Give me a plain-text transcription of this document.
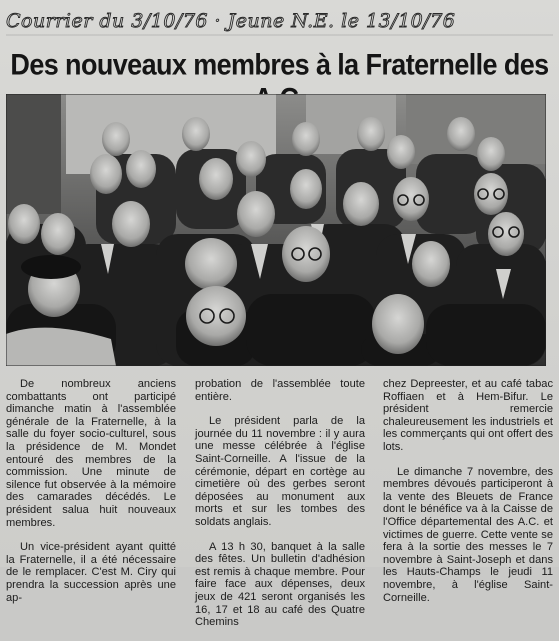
Courrier du 3/10/76 · Jeune N.E. le 13/10/76
Des nouveaux membres à la Fraternelle des

De nombreux anciens combattants ont participé dimanche matin à l'assemblée générale de la Fraternelle, à la salle du foyer socio-culturel, sous la présidence de M. Mondet entouré des membres de la commission. Une minute de silence fut observée à la mémoire des camarades décédés. Le président salua huit nouveaux membres.

Un vice-président ayant quitté la Fraternelle, il a été nécessaire de le remplacer. C'est M. Ciry qui prendra la succession après une ap-

probation de l'assemblée toute entière.

Le président parla de la journée du 11 novembre : il y aura une messe célébrée à l'église Saint-Corneille. A l'issue de la cérémonie, départ en cortège au cimetière où des gerbes seront déposées au monument aux morts et sur les tombes des soldats anglais.

A 13 h 30, banquet à la salle des fêtes. Un bulletin d'adhésion est remis à chaque membre. Pour faire face aux dépenses, deux jeux de 421 seront organisés les 16, 17 et 18 au café des Quatre Chemins

chez Depreester, et au café tabac Roffiaen et à Hem-Bifur. Le président remercie chaleureusement les industriels et les commerçants qui ont offert des lots.

Le dimanche 7 novembre, des membres dévoués participeront à la vente des Bleuets de France dont le bénéfice va à la Caisse de l'Office départemental des A.C. et victimes de guerre. Cette vente se fera à la sortie des messes le 7 novembre à Saint-Joseph et dans les Hauts-Champs le jeudi 11 novembre, à l'église Saint-Corneille.
